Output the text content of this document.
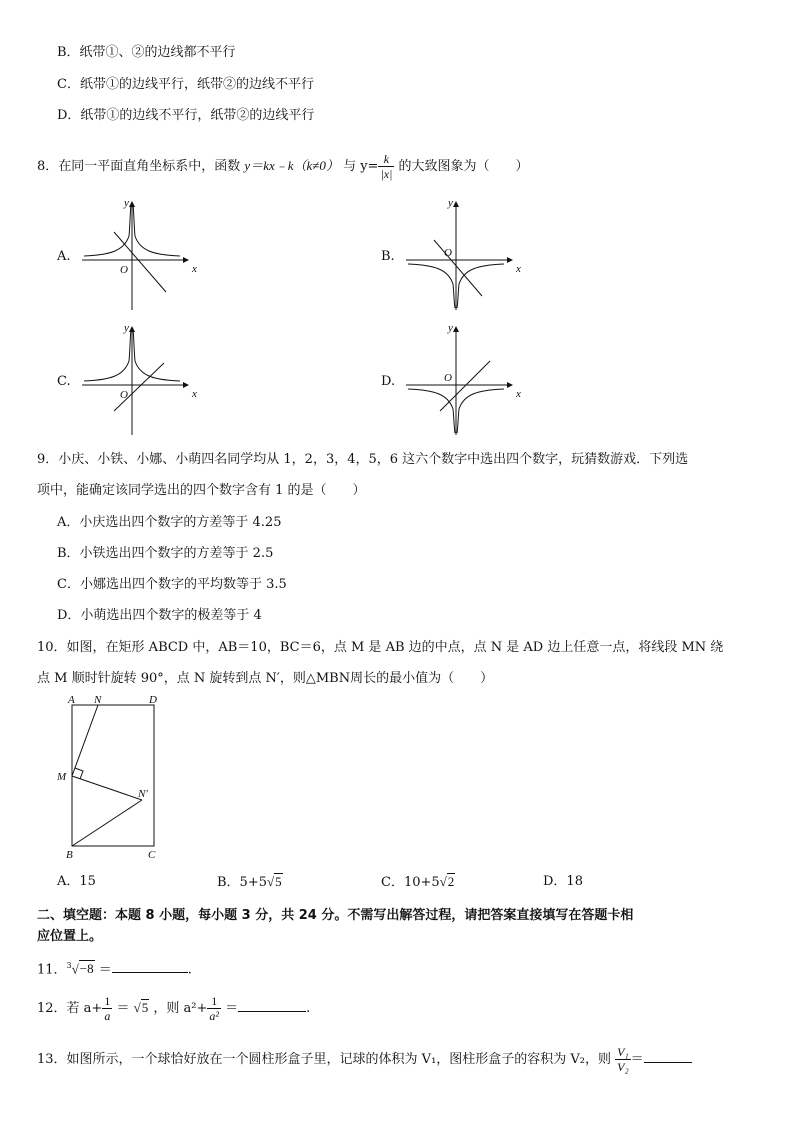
B．纸带①、②的边线都不平行
C．纸带①的边线平行，纸带②的边线不平行
D．纸带①的边线不平行，纸带②的边线平行
8．在同一平面直角坐标系中，函数 y＝kx﹣k（k≠0） 与 $y= \frac{k}{|x|}$ 的大致图象为（　　）
A.	B.
C.	D.
x
y
O	x
y
O
x
y
O	x
y
O
9．小庆、小铁、小娜、小萌四名同学均从 1，2，3，4，5，6 这六个数字中选出四个数字，玩猜数游戏．下列选
项中，能确定该同学选出的四个数字含有 1 的是（　　）
A．小庆选出四个数字的方差等于 4.25
B．小铁选出四个数字的方差等于 2.5
C．小娜选出四个数字的平均数等于 3.5
D．小萌选出四个数字的极差等于 4
10．如图，在矩形 ABCD 中，AB＝10，BC＝6，点 M 是 AB 边的中点，点 N 是 AD 边上任意一点，将线段 MN 绕
点 M 顺时针旋转 90°，点 N 旋转到点 N′，则△MBN周长的最小值为（　　）
A N	D
M
N′
B	C
A．15	B．5+5√5	C．10+5√2	D．18
二、填空题：本题 8 小题，每小题 3 分，共 24 分。不需写出解答过程，请把答案直接填写在答题卡相
应位置上。
11．$^3$√−8 ＝	.
12．若 $a+ \frac{1}{a} = √5$ ，则 $a^2+ \frac{1}{\text{a²}}$ ＝	.
13．如图所示，一个球恰好放在一个圆柱形盒子里，记球的体积为 V₁，图柱形盒子的容积为 V₂，则 $\frac{\text{V₁}}{\text{V₂}}$ ＝
